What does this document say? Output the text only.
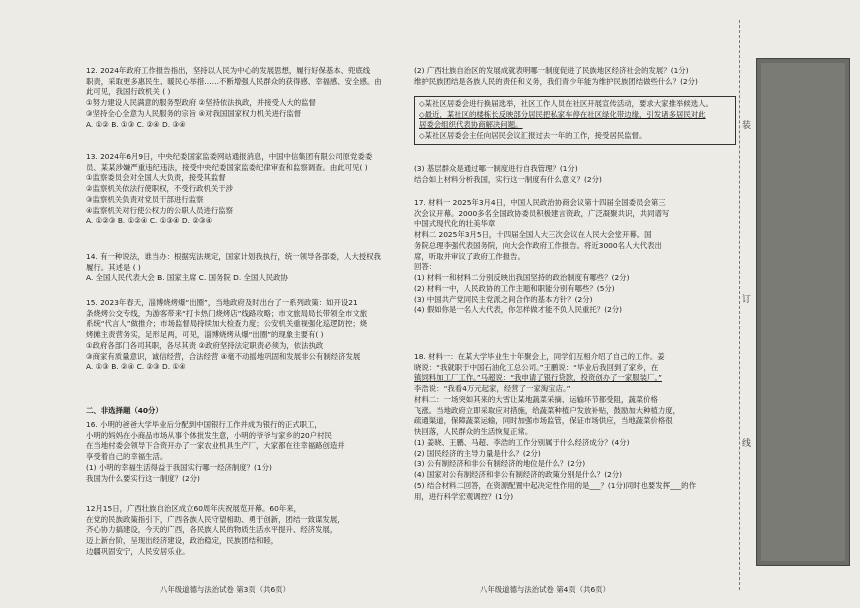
12. 2024年政府工作报告指出，坚持以人民为中心的发展思想，履行好保基本、兜底线
职责，采取更多惠民生、暖民心举措……不断增强人民群众的获得感、幸福感、安全感。由
此可见，我国行政机关 ( )
①努力建设人民满意的服务型政府 ②坚持依法执政，并接受人大的监督
③坚持全心全意为人民服务的宗旨 ④对我国国家权力机关进行监督
A. ①② B. ①③ C. ②④ D. ③④
13. 2024年6月9日，中央纪委国家监委网站通报消息，中国中信集团有限公司原党委委
员、某某涉嫌严重违纪违法，接受中央纪委国家监委纪律审查和监察调查。由此可见( )
①监察委员会对全国人大负责，接受其监督
②监察机关依法行使职权，不受行政机关干涉
③监察机关负责对党员干部进行监察
④监察机关对行使公权力的公职人员进行监察
A. ①②③ B. ①②④ C. ①③④ D. ②③④
14. 有一种说法，谁当办：根据宪法规定，国家计划我执行，统一领导各部委，人大授权我
履行。其述是 ( )
A. 全国人民代表大会 B. 国家主席 C. 国务院 D. 全国人民政协
15. 2023年春天，淄博烧烤爆“出圈”，当地政府及时出台了一系列政策：如开设21
条烧烤公交专线，为游客带来“打卡热门烧烤店”线路攻略；市文旅局局长带领全市文旅
系统“代言人”做推介；市场监督局持续加大检查力度；公安机关重视强化巡逻防控；烧
烤摊主责营务实，足形足两，可见，淄博烧烤从爆“出圈”的现象主要有( )
①政府各部门各司其职，各尽其责 ②政府坚持法定职责必须为，依法执政
③商家有质量意识，诚信经营，合法经营 ④毫不动摇地巩固和发展非公有制经济发展
A. ①③ B. ②④ C. ②③ D. ①④
二、非选择题（40分）
16. 小明的爸爸大学毕业后分配到中国银行工作并成为银行的正式职工，
小明的妈妈在小商品市场从事个体批发生意，小明的爷爷与家乡的20户村民
在当地村委会领导下合资开办了一家农业机具生产厂，大家都在往幸福路创造并
享受着自己的幸福生活。
(1) 小明的幸福生活得益于我国实行哪一经济制度？(1分)
我国为什么要实行这一制度？(2分)
12月15日，广西壮族自治区成立60周年庆祝展览开幕。60年来，
在党的民族政策指引下，广西各族人民守望相助、勇于创新，团结一致谋发展，
齐心协力搞建设，今天的广西，各民族人民的物质生活水平提升、经济发展，
迈上新台阶，呈现出经济建设，政治稳定，民族团结和睦，
边疆巩固安宁，人民安居乐业。
八年级道德与法治试卷 第3页（共6页）
(2) 广西壮族自治区的发展成就表明哪一制度促进了民族地区经济社会的发展？(1分)
维护民族团结是各族人民的责任和义务，我们青少年能为维护民族团结做些什么？(2分)
◇某社区居委会进行换届选举，社区工作人员在社区开展宣传活动，要求大家推举候选人。
◇最近，某社区的楼栋长反映部分居民把私家车停在社区绿化带边缘，引发诸多居民对此
居委会组织代表协商解决问题。
◇某社区居委会主任向居民会议汇报过去一年的工作，接受居民监督。
(3) 基层群众是通过哪一制度进行自我管理？(1分)
结合如上材料分析我国，实行这一制度有什么意义？(2分)
17. 材料一 2025年3月4日，中国人民政治协商会议第十四届全国委员会第三
次会议开幕。2000多名全国政协委员积极建言资政，广泛凝聚共识，共同谱写
中国式现代化的壮美华章
材料二 2025年3月5日，十四届全国人大三次会议在人民大会堂开幕。国
务院总理李强代表国务院，向大会作政府工作报告。将近3000名人大代表出
席，听取并审议了政府工作报告。
回答：
(1) 材料一和材料二分别反映出我国坚持的政治制度有哪些？(2分)
(2) 材料一中，人民政协的工作主题和职能分别有哪些？(5分)
(3) 中国共产党同民主党派之间合作的基本方针？(2分)
(4) 假如你是一名人大代表，你怎样做才能不负人民重托？(2分)
18. 材料一：在某大学毕业生十年聚会上，同学们互相介绍了自己的工作。姜
晓说：“我就职于中国石油化工总公司。”王鹏说：“毕业后我回到了家乡，在
镇饲料加工厂工作。”马超说：“我申请了银行贷款，投资创办了一家服装厂。”
李浩说：“我看4万元起家，经营了一家淘宝店。”
材料二：一场突如其来的大雪让某地蔬菜采摘、运输环节都受阻，蔬菜价格
飞涨。当地政府立即采取应对措施，给蔬菜种植户发放补贴，鼓励加大种植力度，
疏通渠道，保障蔬菜运输，同时加强市场监管，保证市场供应，当地蔬菜价格很
快回落，人民群众的生活恢复正常。
(1) 姜晓、王鹏、马超、李浩的工作分别属于什么经济成分？(4分)
(2) 国民经济的主导力量是什么？(2分)
(3) 公有制经济和非公有制经济的地位是什么？(2分)
(4) 国家对公有制经济和非公有制经济的政策分别是什么？(2分)
(5) 结合材料二回答，在资源配置中起决定性作用的是___？(1分)同时也要发挥___的作
用，进行科学宏观调控？(1分)
八年级道德与法治试卷 第4页（共6页）
装
订
线
